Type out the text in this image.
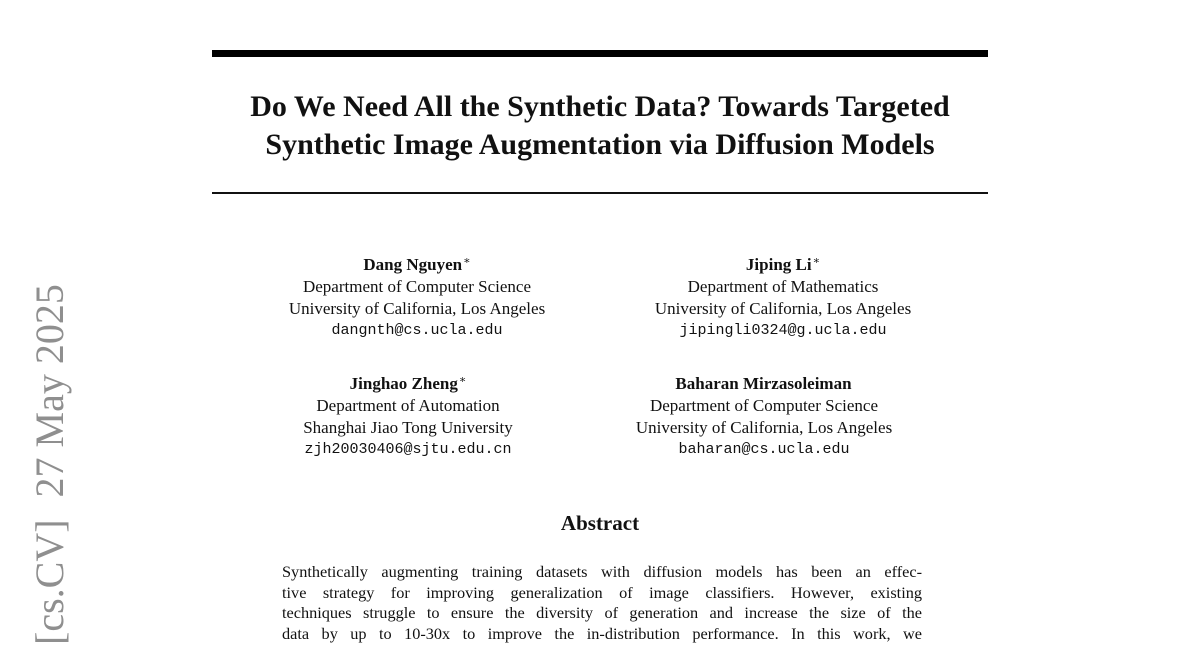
[cs.CV]27 May 2025
Do We Need All the Synthetic Data? Towards Targeted
Synthetic Image Augmentation via Diffusion Models
Dang Nguyen∗
Department of Computer Science
University of California, Los Angeles
dangnth@cs.ucla.edu
Jiping Li∗
Department of Mathematics
University of California, Los Angeles
jipingli0324@g.ucla.edu
Jinghao Zheng∗
Department of Automation
Shanghai Jiao Tong University
zjh20030406@sjtu.edu.cn
Baharan Mirzasoleiman
Department of Computer Science
University of California, Los Angeles
baharan@cs.ucla.edu
Abstract

Synthetically augmenting training datasets with diffusion models has been an effec-
tive strategy for improving generalization of image classifiers. However, existing
techniques struggle to ensure the diversity of generation and increase the size of the
data by up to 10-30x to improve the in-distribution performance. In this work, we
